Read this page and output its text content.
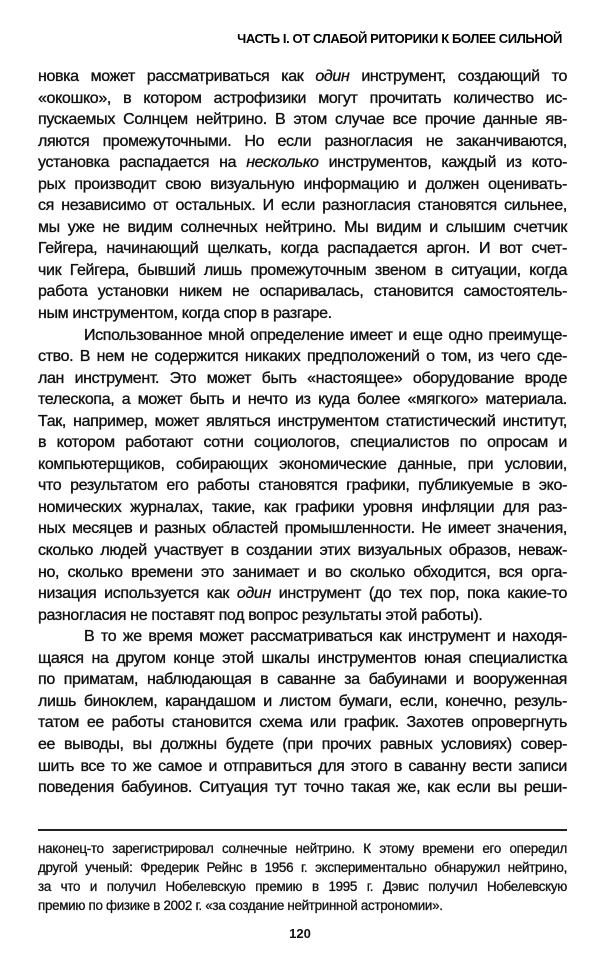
ЧАСТЬ I. ОТ СЛАБОЙ РИТОРИКИ К БОЛЕЕ СИЛЬНОЙ
новка может рассматриваться как один инструмент, создающий то
«окошко», в котором астрофизики могут прочитать количество ис-
пускаемых Солнцем нейтрино. В этом случае все прочие данные яв-
ляются промежуточными. Но если разногласия не заканчиваются,
установка распадается на несколько инструментов, каждый из кото-
рых производит свою визуальную информацию и должен оценивать-
ся независимо от остальных. И если разногласия становятся сильнее,
мы уже не видим солнечных нейтрино. Мы видим и слышим счетчик
Гейгера, начинающий щелкать, когда распадается аргон. И вот счет-
чик Гейгера, бывший лишь промежуточным звеном в ситуации, когда
работа установки никем не оспаривалась, становится самостоятель-
ным инструментом, когда спор в разгаре.
Использованное мной определение имеет и еще одно преимуще-
ство. В нем не содержится никаких предположений о том, из чего сде-
лан инструмент. Это может быть «настоящее» оборудование вроде
телескопа, а может быть и нечто из куда более «мягкого» материала.
Так, например, может являться инструментом статистический институт,
в котором работают сотни социологов, специалистов по опросам и
компьютерщиков, собирающих экономические данные, при условии,
что результатом его работы становятся графики, публикуемые в эко-
номических журналах, такие, как графики уровня инфляции для раз-
ных месяцев и разных областей промышленности. Не имеет значения,
сколько людей участвует в создании этих визуальных образов, неваж-
но, сколько времени это занимает и во сколько обходится, вся орга-
низация используется как один инструмент (до тех пор, пока какие-то
разногласия не поставят под вопрос результаты этой работы).
В то же время может рассматриваться как инструмент и находя-
щаяся на другом конце этой шкалы инструментов юная специалистка
по приматам, наблюдающая в саванне за бабуинами и вооруженная
лишь биноклем, карандашом и листом бумаги, если, конечно, резуль-
татом ее работы становится схема или график. Захотев опровергнуть
ее выводы, вы должны будете (при прочих равных условиях) совер-
шить все то же самое и отправиться для этого в саванну вести записи
поведения бабуинов. Ситуация тут точно такая же, как если вы реши-
наконец-то зарегистрировал солнечные нейтрино. К этому времени его опередил
другой ученый: Фредерик Рейнс в 1956 г. экспериментально обнаружил нейтрино,
за что и получил Нобелевскую премию в 1995 г. Дэвис получил Нобелевскую
премию по физике в 2002 г. «за создание нейтринной астрономии».
120
